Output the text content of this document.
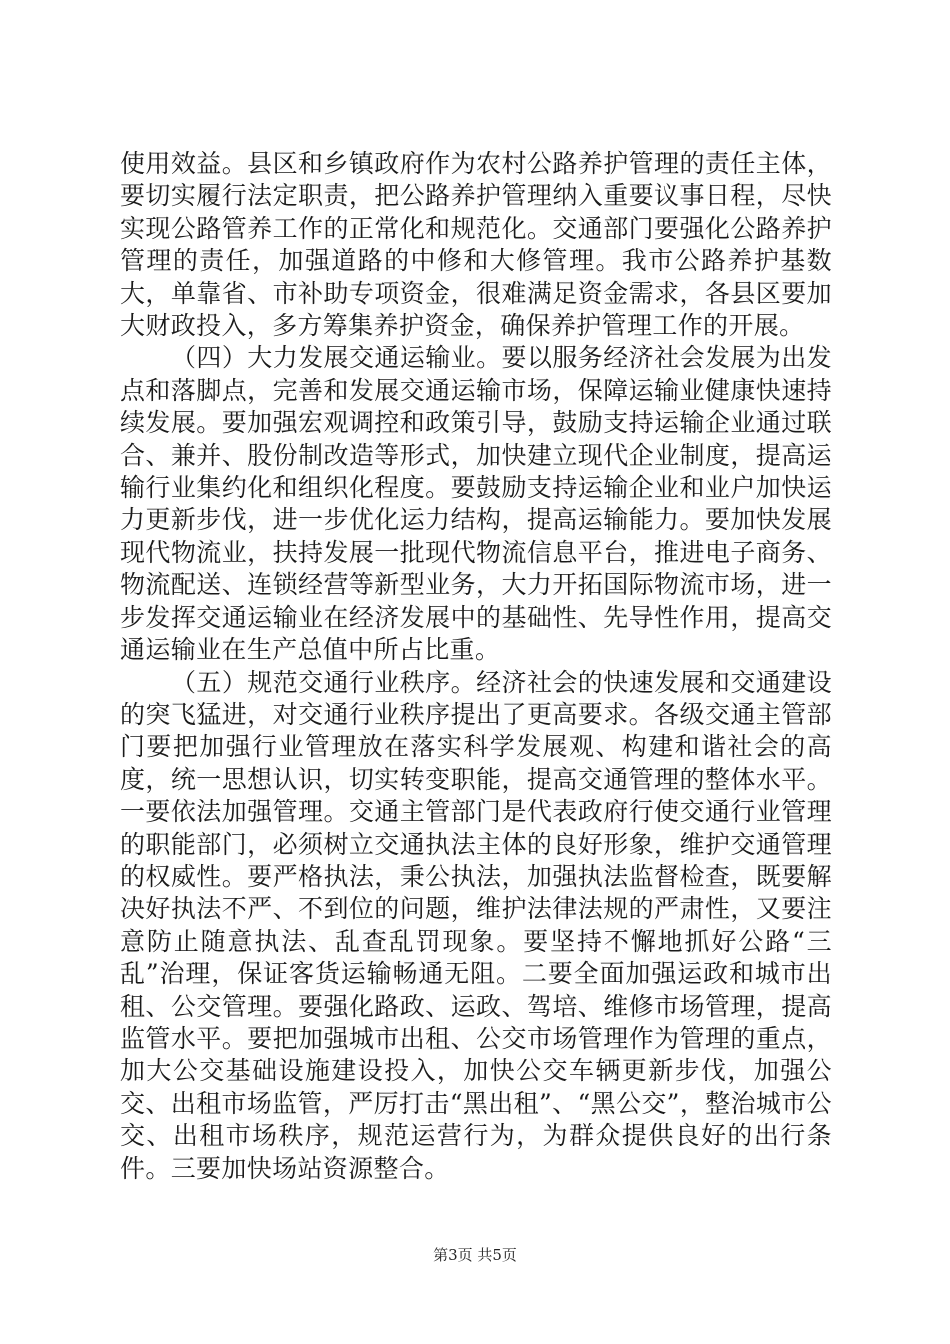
使用效益。县区和乡镇政府作为农村公路养护管理的责任主体，要切实履行法定职责，把公路养护管理纳入重要议事日程，尽快实现公路管养工作的正常化和规范化。交通部门要强化公路养护管理的责任，加强道路的中修和大修管理。我市公路养护基数大，单靠省、市补助专项资金，很难满足资金需求，各县区要加大财政投入，多方筹集养护资金，确保养护管理工作的开展。

（四）大力发展交通运输业。要以服务经济社会发展为出发点和落脚点，完善和发展交通运输市场，保障运输业健康快速持续发展。要加强宏观调控和政策引导，鼓励支持运输企业通过联合、兼并、股份制改造等形式，加快建立现代企业制度，提高运输行业集约化和组织化程度。要鼓励支持运输企业和业户加快运力更新步伐，进一步优化运力结构，提高运输能力。要加快发展现代物流业，扶持发展一批现代物流信息平台，推进电子商务、物流配送、连锁经营等新型业务，大力开拓国际物流市场，进一步发挥交通运输业在经济发展中的基础性、先导性作用，提高交通运输业在生产总值中所占比重。

（五）规范交通行业秩序。经济社会的快速发展和交通建设的突飞猛进，对交通行业秩序提出了更高要求。各级交通主管部门要把加强行业管理放在落实科学发展观、构建和谐社会的高度，统一思想认识，切实转变职能，提高交通管理的整体水平。一要依法加强管理。交通主管部门是代表政府行使交通行业管理的职能部门，必须树立交通执法主体的良好形象，维护交通管理的权威性。要严格执法，秉公执法，加强执法监督检查，既要解决好执法不严、不到位的问题，维护法律法规的严肃性，又要注意防止随意执法、乱查乱罚现象。要坚持不懈地抓好公路“三乱”治理，保证客货运输畅通无阻。二要全面加强运政和城市出租、公交管理。要强化路政、运政、驾培、维修市场管理，提高监管水平。要把加强城市出租、公交市场管理作为管理的重点，加大公交基础设施建设投入，加快公交车辆更新步伐，加强公交、出租市场监管，严厉打击“黑出租”、“黑公交”，整治城市公交、出租市场秩序，规范运营行为，为群众提供良好的出行条件。三要加快场站资源整合。

第3页 共5页
